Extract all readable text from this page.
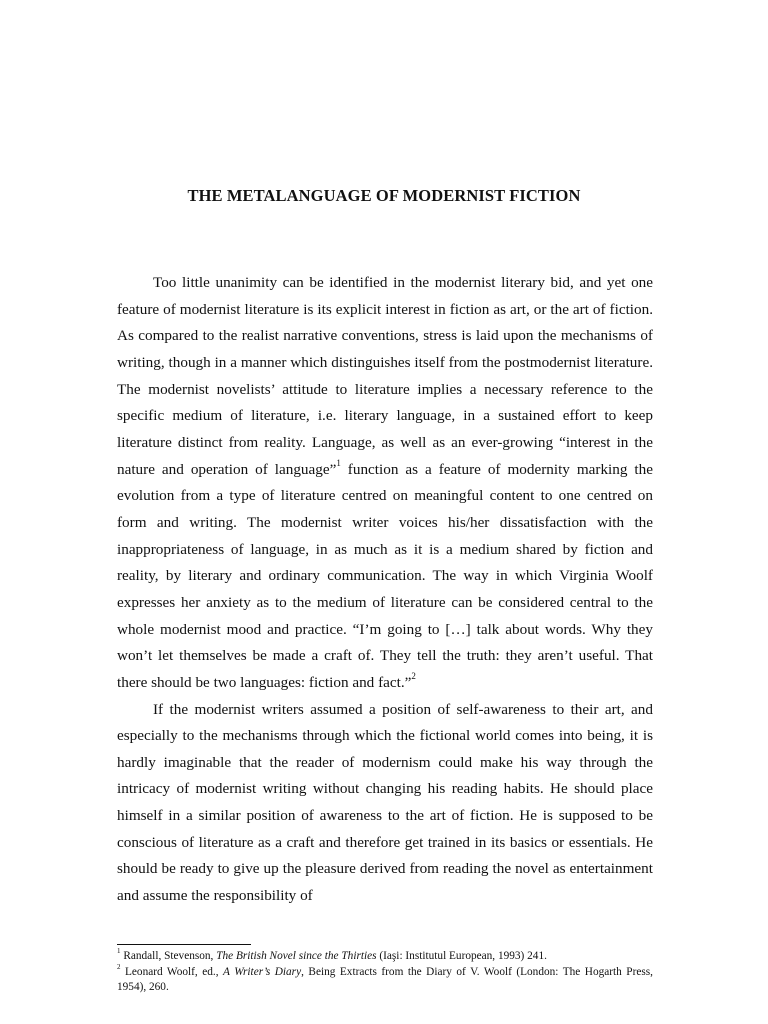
THE METALANGUAGE OF MODERNIST FICTION

Too little unanimity can be identified in the modernist literary bid, and yet one feature of modernist literature is its explicit interest in fiction as art, or the art of fiction. As compared to the realist narrative conventions, stress is laid upon the mechanisms of writing, though in a manner which distinguishes itself from the postmodernist literature. The modernist novelists’ attitude to literature implies a necessary reference to the specific medium of literature, i.e. literary language, in a sustained effort to keep literature distinct from reality. Language, as well as an ever-growing “interest in the nature and operation of language”$^1$ function as a feature of modernity marking the evolution from a type of literature centred on meaningful content to one centred on form and writing. The modernist writer voices his/her dissatisfaction with the inappropriateness of language, in as much as it is a medium shared by fiction and reality, by literary and ordinary communication. The way in which Virginia Woolf expresses her anxiety as to the medium of literature can be considered central to the whole modernist mood and practice. “I’m going to […] talk about words. Why they won’t let themselves be made a craft of. They tell the truth: they aren’t useful. That there should be two languages: fiction and fact.”$^2$

If the modernist writers assumed a position of self-awareness to their art, and especially to the mechanisms through which the fictional world comes into being, it is hardly imaginable that the reader of modernism could make his way through the intricacy of modernist writing without changing his reading habits. He should place himself in a similar position of awareness to the art of fiction. He is supposed to be conscious of literature as a craft and therefore get trained in its basics or essentials. He should be ready to give up the pleasure derived from reading the novel as entertainment and assume the responsibility of

$^1$ Randall, Stevenson, The British Novel since the Thirties (Iaşi: Institutul European, 1993) 241.
$^2$ Leonard Woolf, ed., A Writer’s Diary, Being Extracts from the Diary of V. Woolf (London: The Hogarth Press, 1954), 260.
